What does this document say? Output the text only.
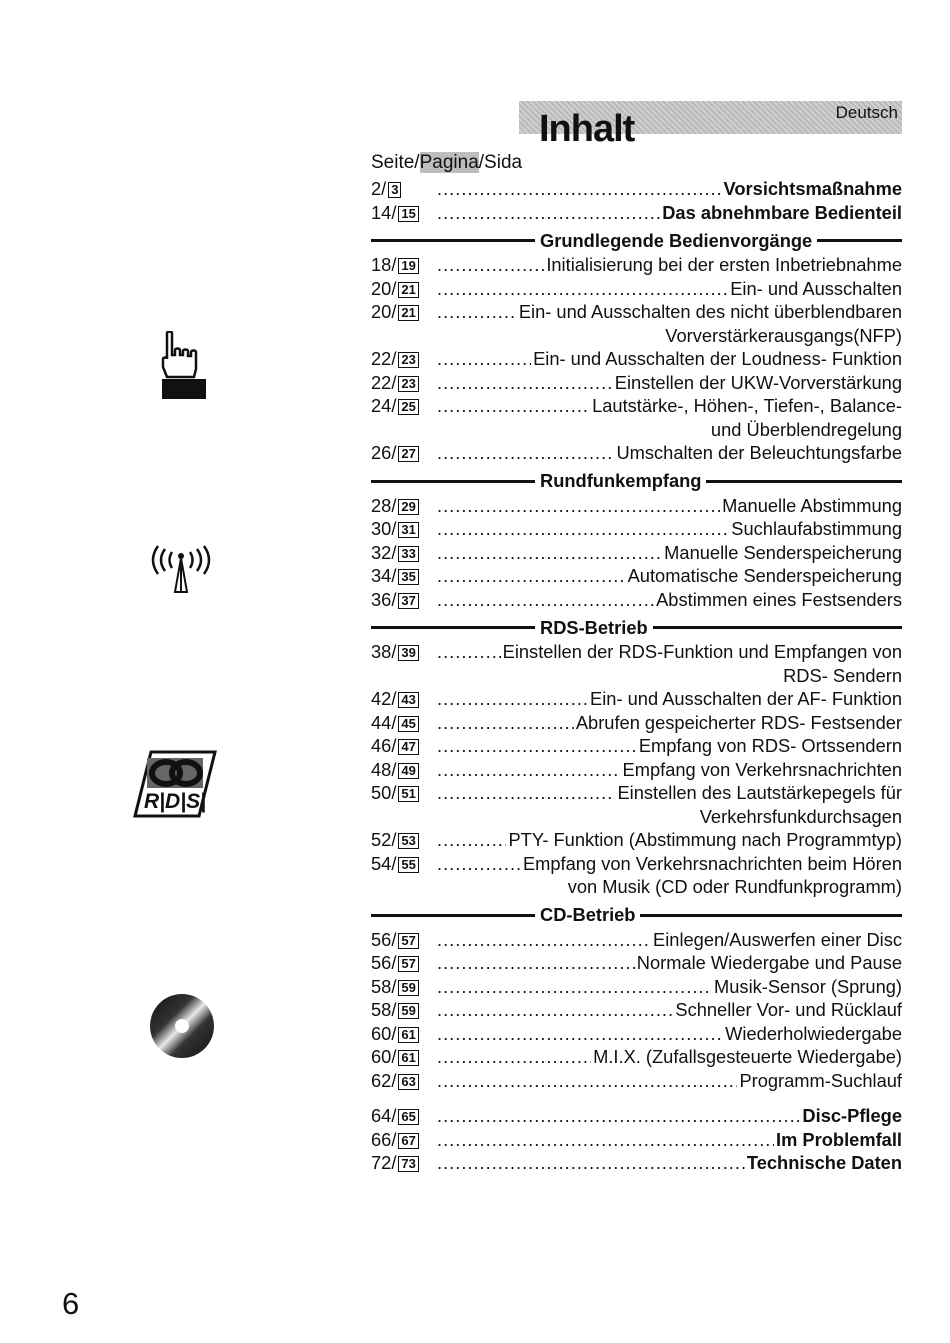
Inhalt	Deutsch
Seite/Pagina/Sida
2/ 3 .....	Vorsichtsmaßnahme
14/ 15 .....	Das abnehmbare Bedienteil
Grundlegende Bedienvorgänge
18/ 19 .....	Initialisierung bei der ersten Inbetriebnahme
20/ 21 .....	Ein- und Ausschalten
20/ 21 .....	Ein- und Ausschalten des nicht überblendbaren
Vorverstärkerausgangs(NFP)
22/ 23 .....	Ein- und Ausschalten der Loudness- Funktion
22/ 23 .....	Einstellen der UKW-Vorverstärkung
24/ 25 .....	Lautstärke-, Höhen-, Tiefen-, Balance-
und Überblendregelung
26/ 27 .....	Umschalten der Beleuchtungsfarbe
Rundfunkempfang
28/ 29 .....	Manuelle Abstimmung
30/ 31 .....	Suchlaufabstimmung
32/ 33 .....	Manuelle Senderspeicherung
34/ 35 .....	Automatische Senderspeicherung
36/ 37 .....	Abstimmen eines Festsenders
RDS-Betrieb
38/ 39 .....	Einstellen der RDS-Funktion und Empfangen von
RDS- Sendern
42/ 43 .....	Ein- und Ausschalten der AF- Funktion
44/ 45 .....	Abrufen gespeicherter RDS- Festsender
46/ 47 .....	Empfang von RDS- Ortssendern
48/ 49 .....	Empfang von Verkehrsnachrichten
50/ 51 .....	Einstellen des Lautstärkepegels für
Verkehrsfunkdurchsagen
52/ 53 .....	PTY- Funktion (Abstimmung nach Programmtyp)
54/ 55 .....	Empfang von Verkehrsnachrichten beim Hören
von Musik (CD oder Rundfunkprogramm)
CD-Betrieb
56/ 57 .....	Einlegen/Auswerfen einer Disc
56/ 57 .....	Normale Wiedergabe und Pause
58/ 59 .....	Musik-Sensor (Sprung)
58/ 59 .....	Schneller Vor- und Rücklauf
60/ 61 .....	Wiederholwiedergabe
60/ 61 .....	M.I.X. (Zufallsgesteuerte Wiedergabe)
62/ 63 .....	Programm-Suchlauf
64/ 65 .....	Disc-Pflege
66/ 67 .....	Im Problemfall
72/ 73 .....	Technische Daten
R|D|S|
6
